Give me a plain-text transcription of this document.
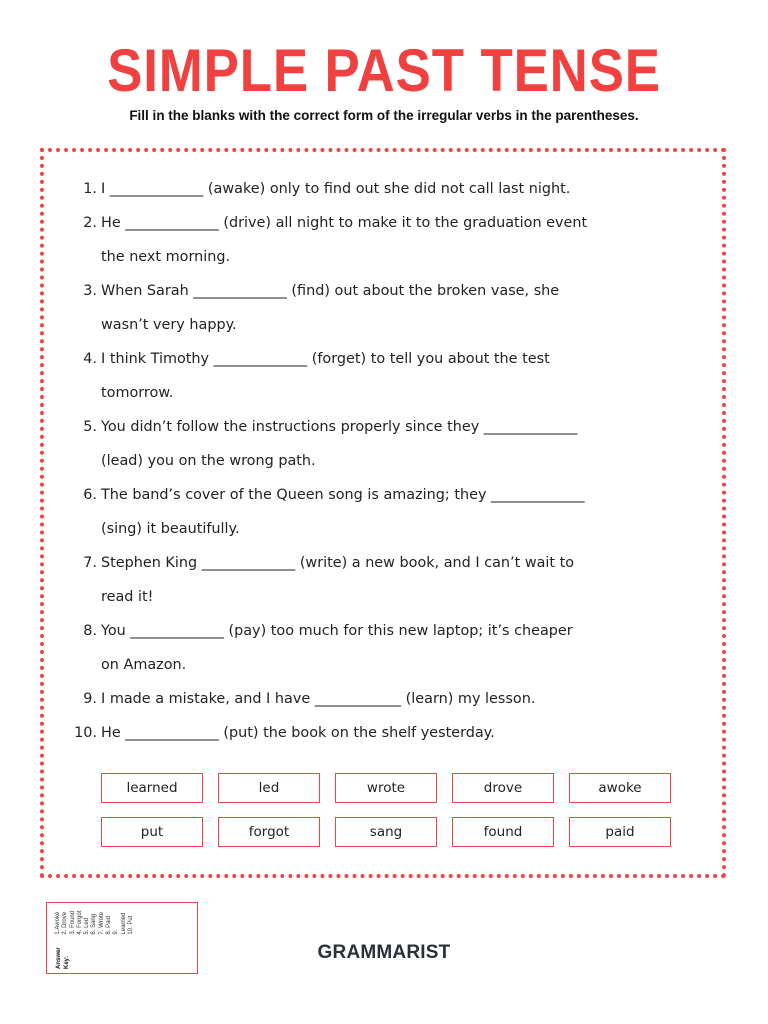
SIMPLE PAST TENSE
Fill in the blanks with the correct form of the irregular verbs in the parentheses.
1. I _____________ (awake) only to find out she did not call last night.
2. He _____________ (drive) all night to make it to the graduation event
the next morning.
3. When Sarah _____________ (find) out about the broken vase, she
wasn’t very happy.
4. I think Timothy _____________ (forget) to tell you about the test
tomorrow.
5. You didn’t follow the instructions properly since they _____________
(lead) you on the wrong path.
6. The band’s cover of the Queen song is amazing; they _____________
(sing) it beautifully.
7. Stephen King _____________ (write) a new book, and I can’t wait to
read it!
8. You _____________ (pay) too much for this new laptop; it’s cheaper
on Amazon.
9. I made a mistake, and I have ____________ (learn) my lesson.
10. He _____________ (put) the book on the shelf yesterday.
learned	led	wrote	drove	awoke
put	forgot	sang	found	paid
Answer Key:
1.Awoke 2. Drove 3. Found 4. Forgot 5. Led 6. Sang 7. Wrote 8. Paid 9. Learned 10. Put
GRAMMARIST
